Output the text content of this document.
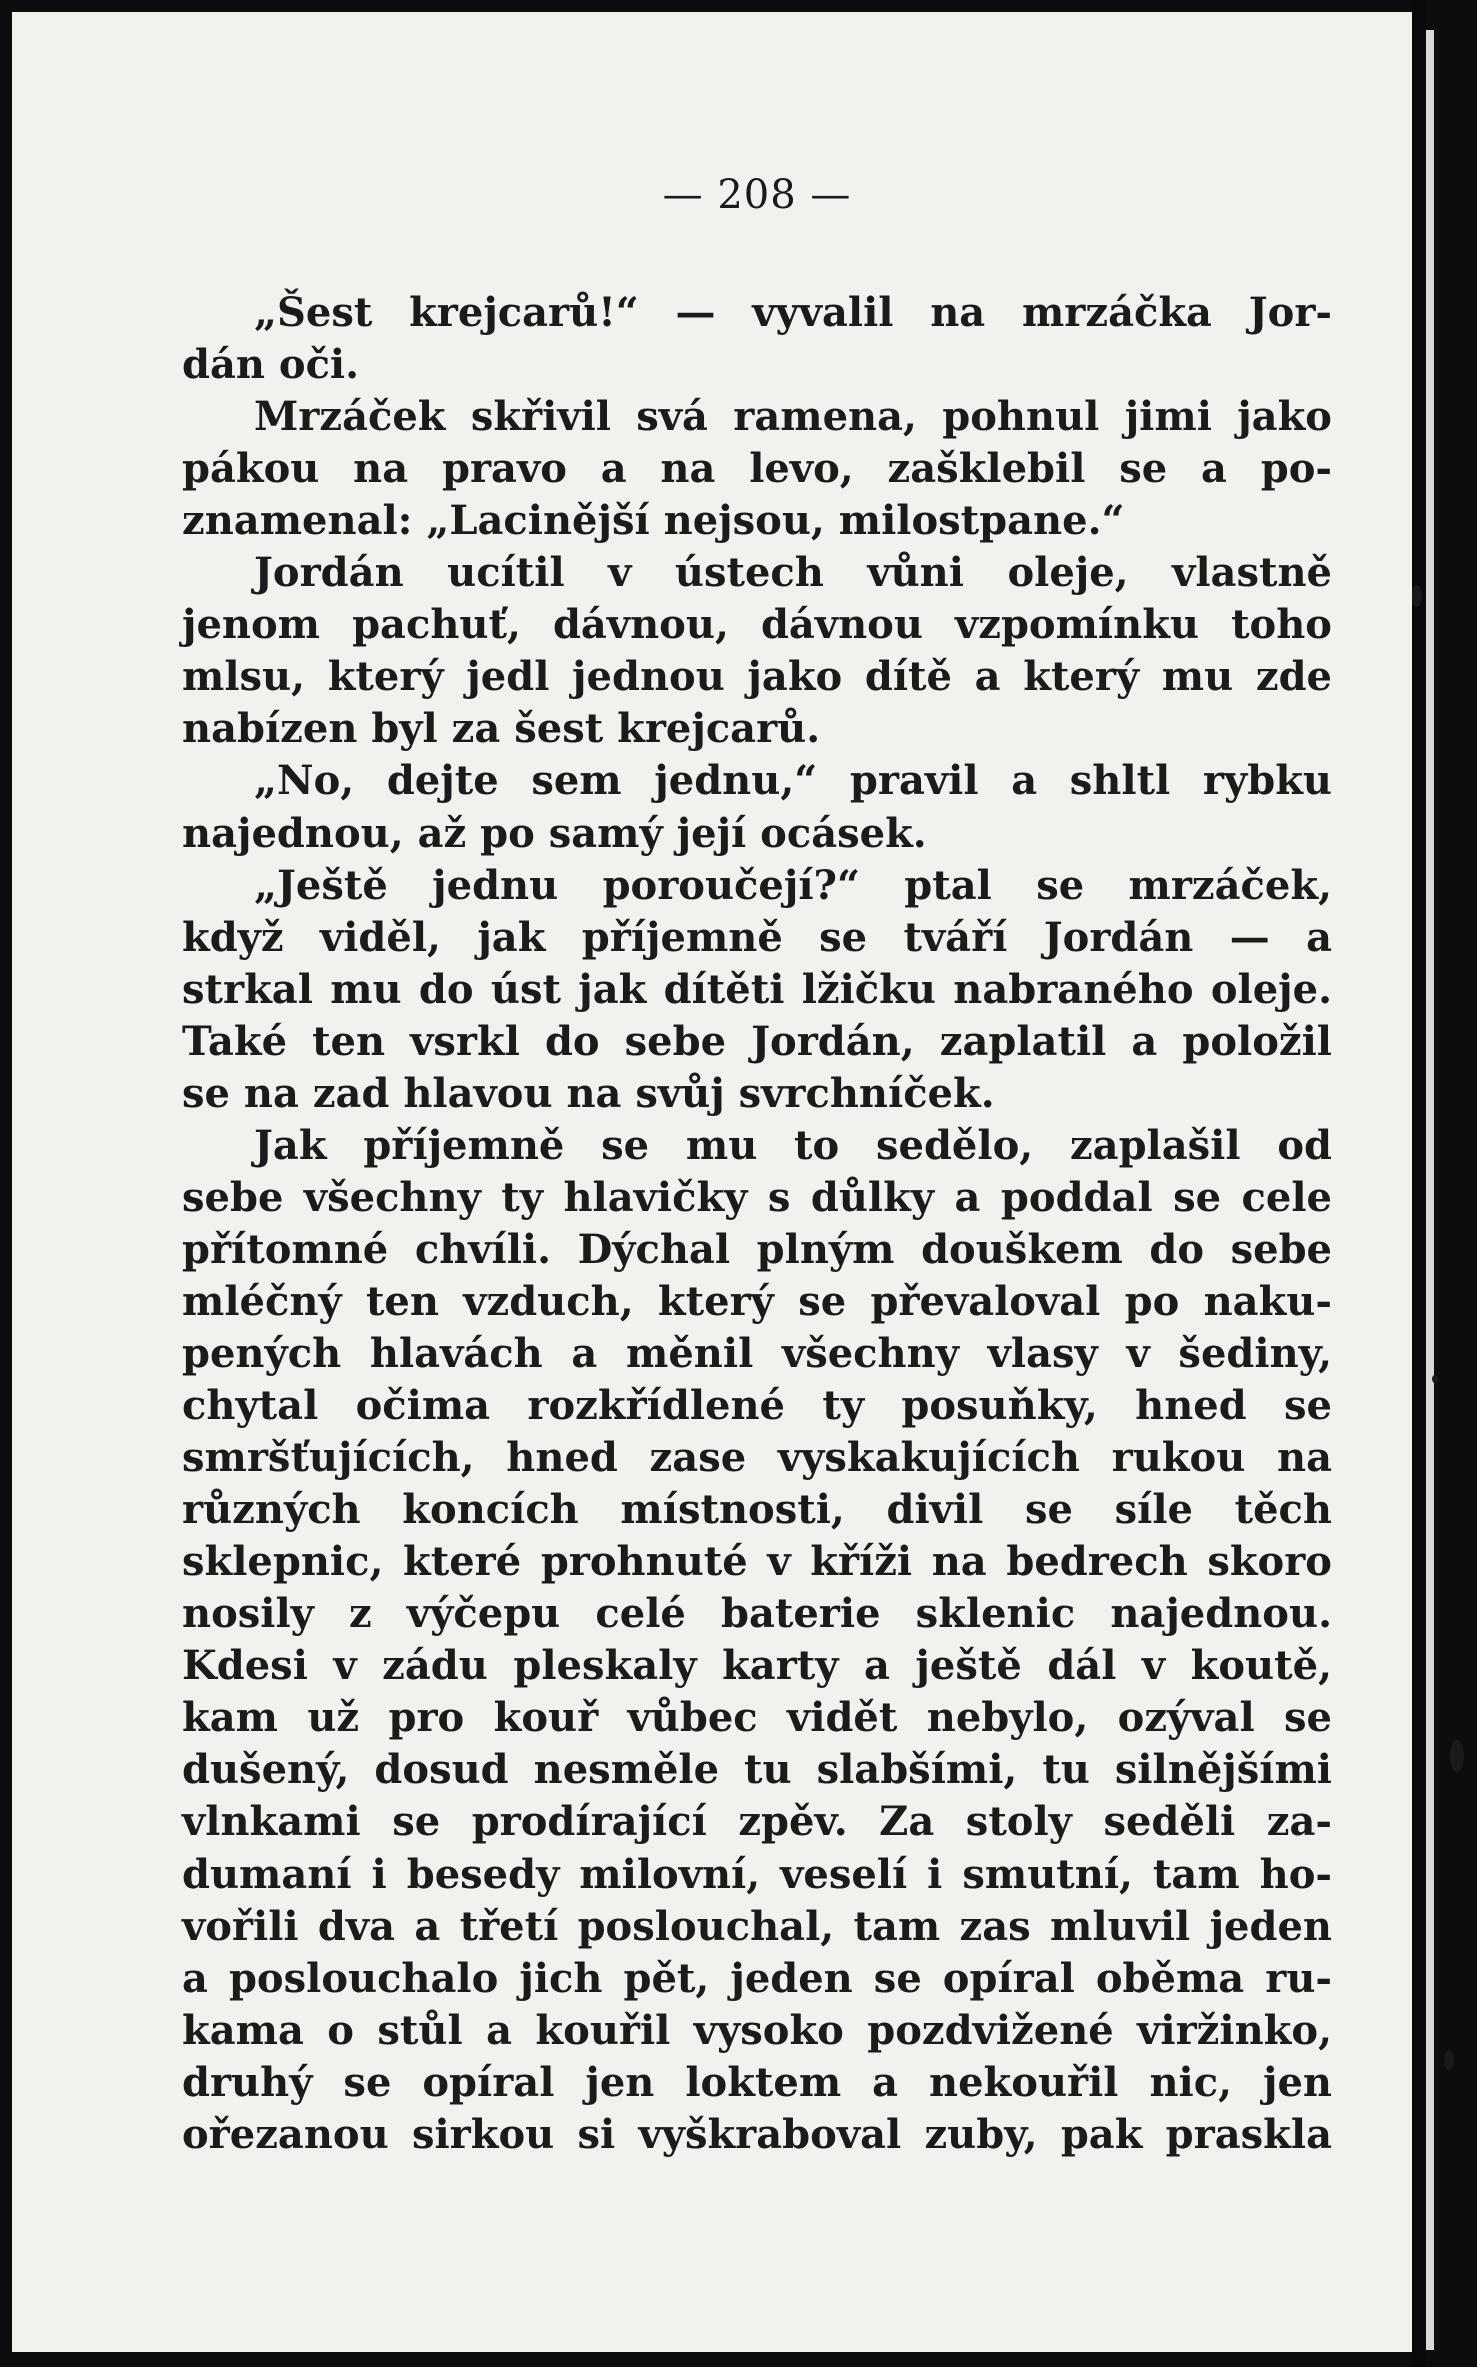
— 208 —
„Šest krejcarů!“ — vyvalil na mrzáčka Jor-
dán oči.
Mrzáček skřivil svá ramena, pohnul jimi jako
pákou na pravo a na levo, zašklebil se a po-
znamenal: „Lacinější nejsou, milostpane.“
Jordán ucítil v ústech vůni oleje, vlastně
jenom pachuť, dávnou, dávnou vzpomínku toho
mlsu, který jedl jednou jako dítě a který mu zde
nabízen byl za šest krejcarů.
„No, dejte sem jednu,“ pravil a shltl rybku
najednou, až po samý její ocásek.
„Ještě jednu poroučejí?“ ptal se mrzáček,
když viděl, jak příjemně se tváří Jordán — a
strkal mu do úst jak dítěti lžičku nabraného oleje.
Také ten vsrkl do sebe Jordán, zaplatil a položil
se na zad hlavou na svůj svrchníček.
Jak příjemně se mu to sedělo, zaplašil od
sebe všechny ty hlavičky s důlky a poddal se cele
přítomné chvíli. Dýchal plným douškem do sebe
mléčný ten vzduch, který se převaloval po naku-
pených hlavách a měnil všechny vlasy v šediny,
chytal očima rozkřídlené ty posuňky, hned se
smršťujících, hned zase vyskakujících rukou na
různých koncích místnosti, divil se síle těch
sklepnic, které prohnuté v kříži na bedrech skoro
nosily z výčepu celé baterie sklenic najednou.
Kdesi v zádu pleskaly karty a ještě dál v koutě,
kam už pro kouř vůbec vidět nebylo, ozýval se
dušený, dosud nesměle tu slabšími, tu silnějšími
vlnkami se prodírající zpěv. Za stoly seděli za-
dumaní i besedy milovní, veselí i smutní, tam ho-
vořili dva a třetí poslouchal, tam zas mluvil jeden
a poslouchalo jich pět, jeden se opíral oběma ru-
kama o stůl a kouřil vysoko pozdvižené viržinko,
druhý se opíral jen loktem a nekouřil nic, jen
ořezanou sirkou si vyškraboval zuby, pak praskla
